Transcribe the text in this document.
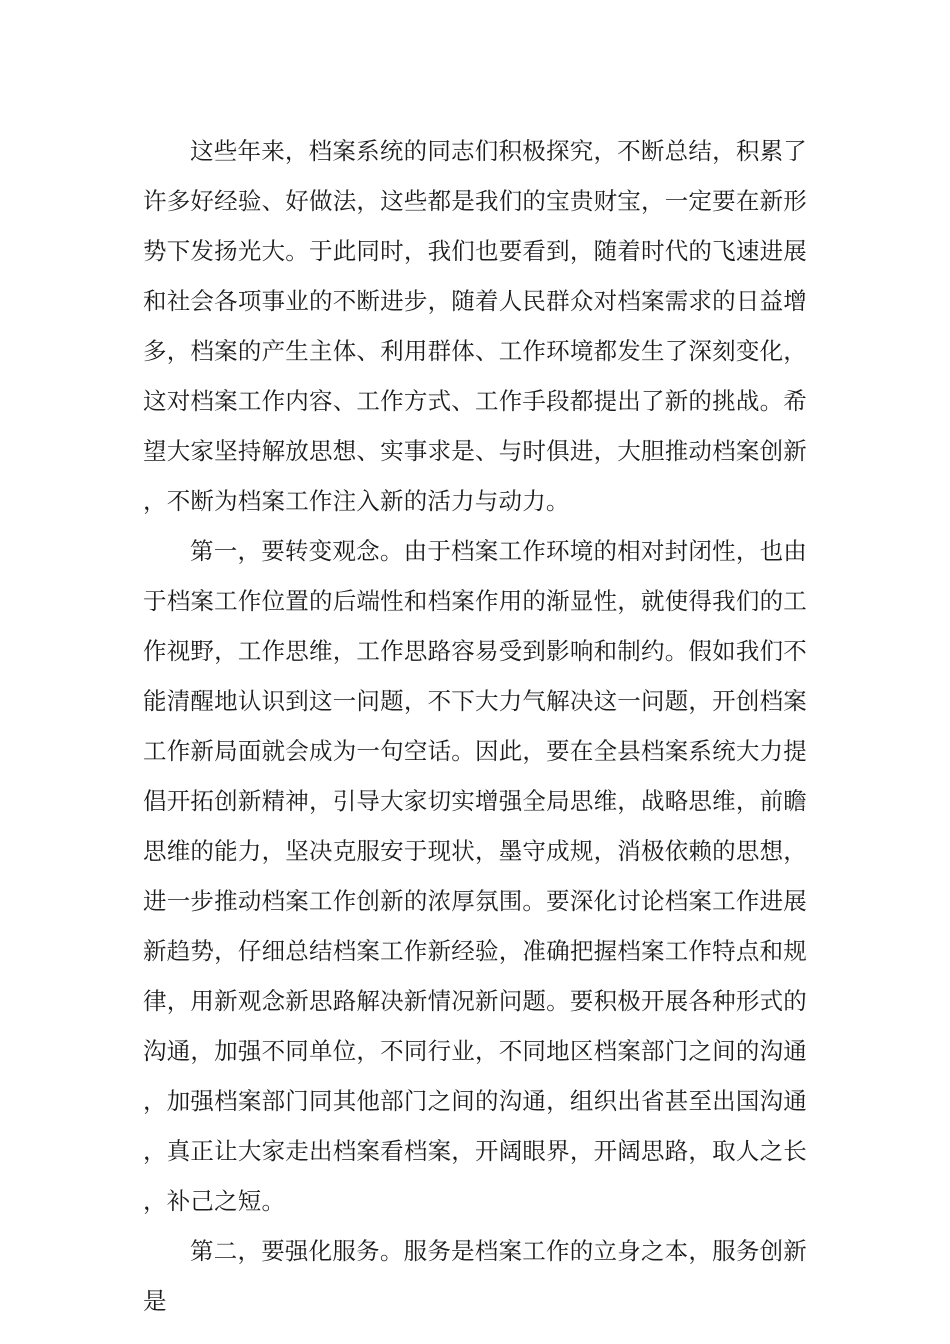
这些年来，档案系统的同志们积极探究，不断总结，积累了许多好经验、好做法，这些都是我们的宝贵财宝，一定要在新形势下发扬光大。于此同时，我们也要看到，随着时代的飞速进展和社会各项事业的不断进步，随着人民群众对档案需求的日益增多，档案的产生主体、利用群体、工作环境都发生了深刻变化，这对档案工作内容、工作方式、工作手段都提出了新的挑战。希望大家坚持解放思想、实事求是、与时俱进，大胆推动档案创新，不断为档案工作注入新的活力与动力。

第一，要转变观念。由于档案工作环境的相对封闭性，也由于档案工作位置的后端性和档案作用的渐显性，就使得我们的工作视野，工作思维，工作思路容易受到影响和制约。假如我们不能清醒地认识到这一问题，不下大力气解决这一问题，开创档案工作新局面就会成为一句空话。因此，要在全县档案系统大力提倡开拓创新精神，引导大家切实增强全局思维，战略思维，前瞻思维的能力，坚决克服安于现状，墨守成规，消极依赖的思想，进一步推动档案工作创新的浓厚氛围。要深化讨论档案工作进展新趋势，仔细总结档案工作新经验，准确把握档案工作特点和规律，用新观念新思路解决新情况新问题。要积极开展各种形式的沟通，加强不同单位，不同行业，不同地区档案部门之间的沟通，加强档案部门同其他部门之间的沟通，组织出省甚至出国沟通，真正让大家走出档案看档案，开阔眼界，开阔思路，取人之长，补己之短。

第二，要强化服务。服务是档案工作的立身之本，服务创新是
